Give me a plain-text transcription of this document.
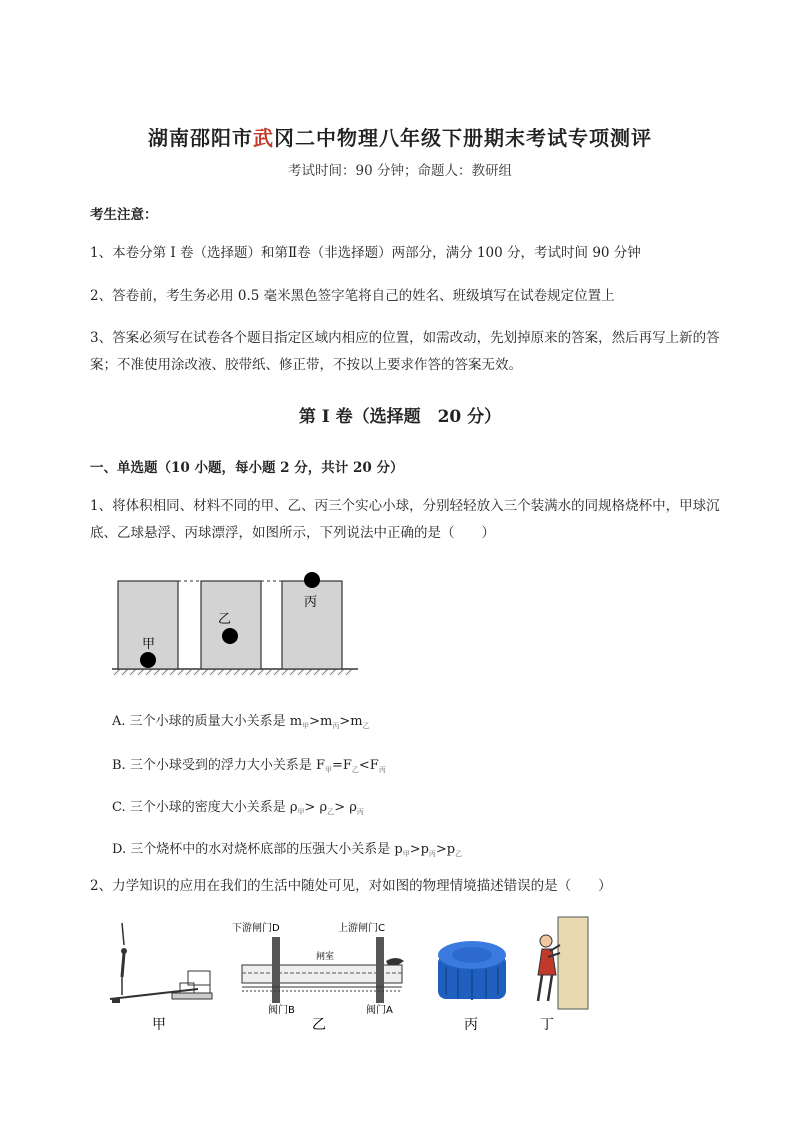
湖南邵阳市武冈二中物理八年级下册期末考试专项测评
考试时间：90 分钟；命题人：教研组
考生注意：
1、本卷分第 I 卷（选择题）和第Ⅱ卷（非选择题）两部分，满分 100 分，考试时间 90 分钟
2、答卷前，考生务必用 0.5 毫米黑色签字笔将自己的姓名、班级填写在试卷规定位置上
3、答案必须写在试卷各个题目指定区域内相应的位置，如需改动，先划掉原来的答案，然后再写上新的答案；不准使用涂改液、胶带纸、修正带，不按以上要求作答的答案无效。
第 I 卷（选择题　20 分）
一、单选题（10 小题，每小题 2 分，共计 20 分）
1、将体积相同、材料不同的甲、乙、丙三个实心小球，分别轻轻放入三个装满水的同规格烧杯中，甲球沉底、乙球悬浮、丙球漂浮，如图所示，下列说法中正确的是（　　）
甲
乙
丙
A. 三个小球的质量大小关系是 $m_甲>m_丙>m_乙$
B. 三个小球受到的浮力大小关系是 $F_甲=F_乙<F_丙$
C. 三个小球的密度大小关系是 $\rho_甲> \rho_乙> \rho_丙$
D. 三个烧杯中的水对烧杯底部的压强大小关系是 $p_甲>p_丙>p_乙$
2、力学知识的应用在我们的生活中随处可见，对如图的物理情境描述错误的是（　　）
甲
下游闸门D	上游闸门C
闸室
阀门B	阀门A
乙	丙	丁
